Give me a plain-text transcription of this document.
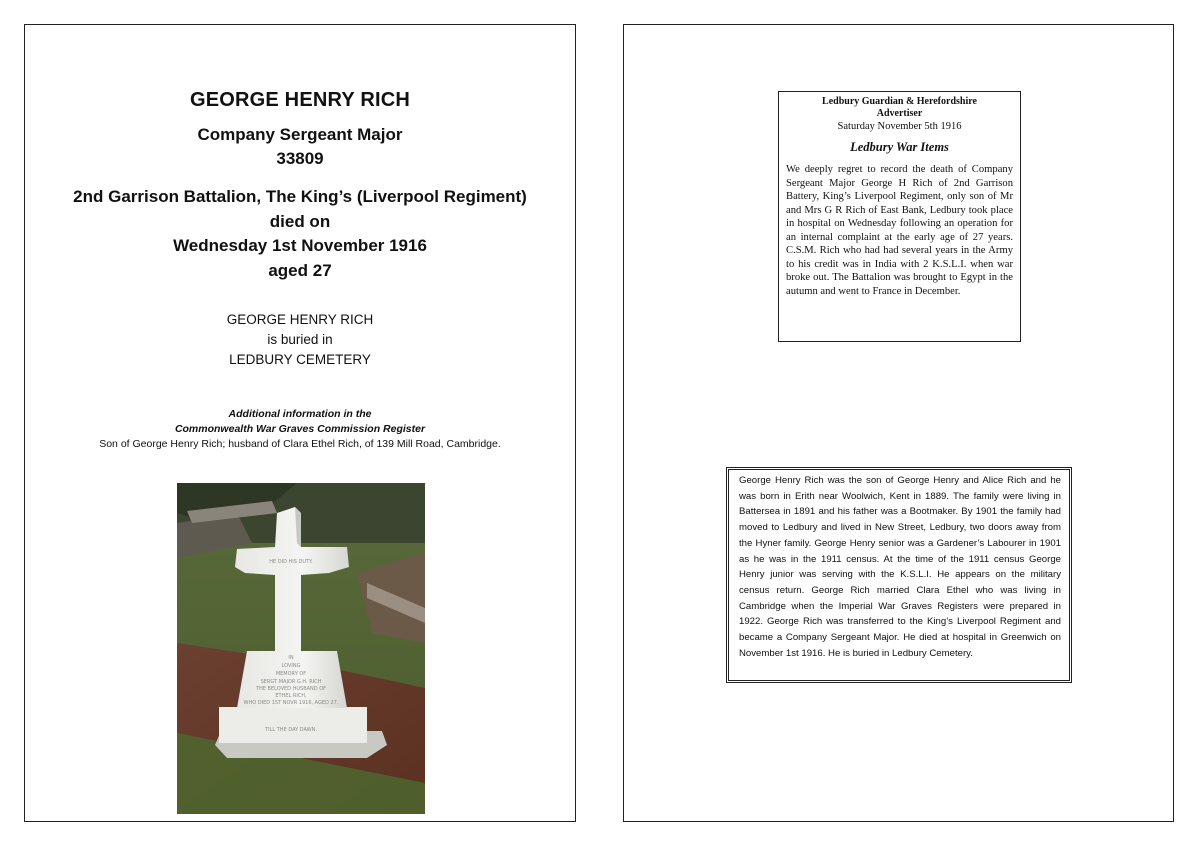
GEORGE HENRY RICH
Company Sergeant Major
33809
2nd Garrison Battalion, The King’s (Liverpool Regiment)
died on
Wednesday 1st November 1916
aged 27
GEORGE HENRY RICH
is buried in
LEDBURY CEMETERY
Additional information in the
Commonwealth War Graves Commission Register
Son of George Henry Rich; husband of Clara Ethel Rich, of 139 Mill Road, Cambridge.
HE DID HIS DUTY.
IN
LOVING
MEMORY OF
SERGT MAJOR G.H. RICH
THE BELOVED HUSBAND OF
ETHEL RICH,
WHO DIED 1ST NOVR 1916, AGED 27.
TILL THE DAY DAWN.
Ledbury Guardian & Herefordshire
Advertiser
Saturday November 5th 1916
Ledbury War Items
We deeply regret to record the death of Company Sergeant Major George H Rich of 2nd Garrison Battery, King’s Liverpool Regiment, only son of Mr and Mrs G R Rich of East Bank, Ledbury took place in hospital on Wednesday following an operation for an internal complaint at the early age of 27 years. C.S.M. Rich who had had several years in the Army to his credit was in India with 2 K.S.L.I. when war broke out. The Battalion was brought to Egypt in the autumn and went to France in December.
George Henry Rich was the son of George Henry and Alice Rich and he was born in Erith near Woolwich, Kent in 1889. The family were living in Battersea in 1891 and his father was a Bootmaker. By 1901 the family had moved to Ledbury and lived in New Street, Ledbury, two doors away from the Hyner family. George Henry senior was a Gardener’s Labourer in 1901 as he was in the 1911 census. At the time of the 1911 census George Henry junior was serving with the K.S.L.I. He appears on the military census return. George Rich married Clara Ethel who was living in Cambridge when the Imperial War Graves Registers were prepared in 1922. George Rich was transferred to the King’s Liverpool Regiment and became a Company Sergeant Major. He died at hospital in Greenwich on November 1st 1916. He is buried in Ledbury Cemetery.
